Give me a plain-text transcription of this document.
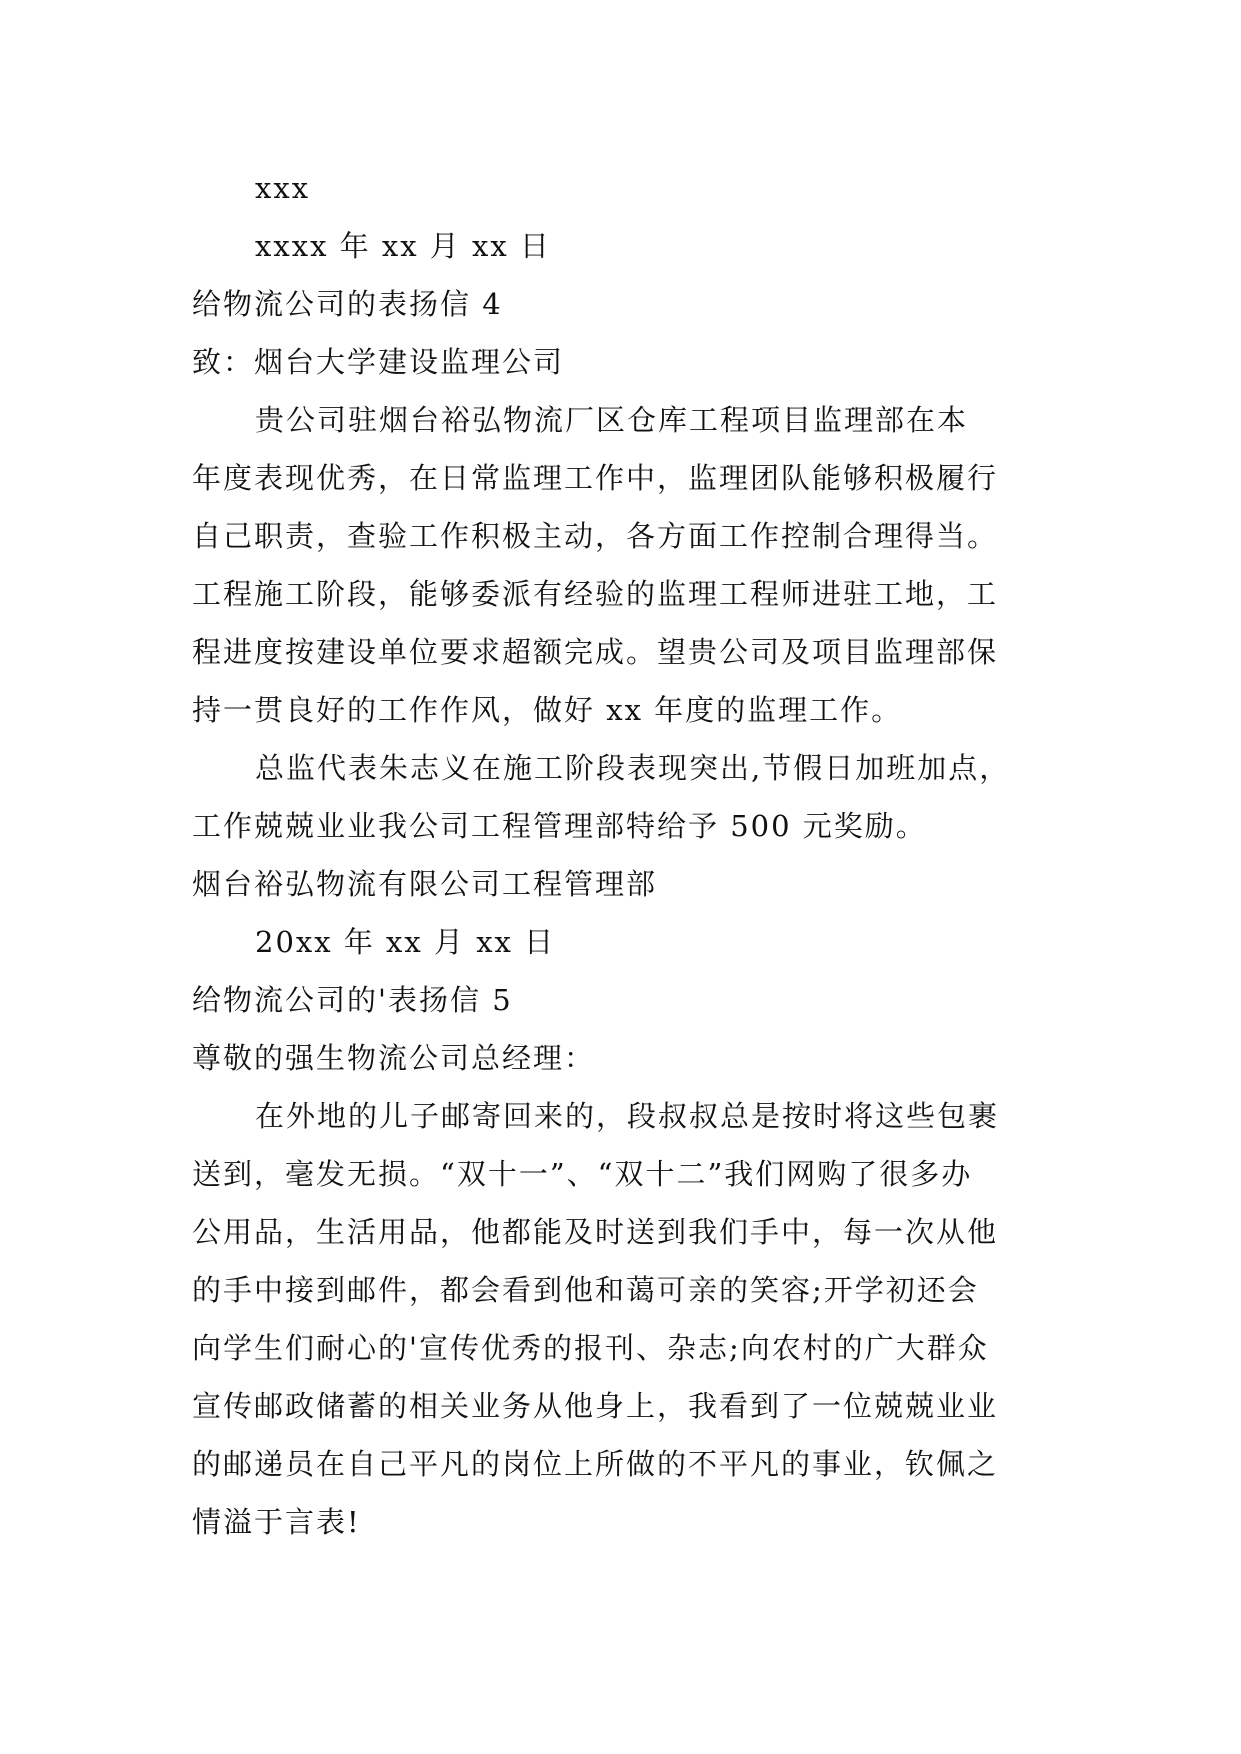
xxx
xxxx 年 xx 月 xx 日
给物流公司的表扬信 4
致：烟台大学建设监理公司
贵公司驻烟台裕弘物流厂区仓库工程项目监理部在本
年度表现优秀，在日常监理工作中，监理团队能够积极履行
自己职责，查验工作积极主动，各方面工作控制合理得当。
工程施工阶段，能够委派有经验的监理工程师进驻工地，工
程进度按建设单位要求超额完成。望贵公司及项目监理部保
持一贯良好的工作作风，做好 xx 年度的监理工作。
总监代表朱志义在施工阶段表现突出,节假日加班加点，
工作兢兢业业我公司工程管理部特给予 500 元奖励。
烟台裕弘物流有限公司工程管理部
20xx 年 xx 月 xx 日
给物流公司的'表扬信 5
尊敬的强生物流公司总经理：
在外地的儿子邮寄回来的，段叔叔总是按时将这些包裹
送到，毫发无损。“双十一”、“双十二”我们网购了很多办
公用品，生活用品，他都能及时送到我们手中，每一次从他
的手中接到邮件，都会看到他和蔼可亲的笑容;开学初还会
向学生们耐心的'宣传优秀的报刊、杂志;向农村的广大群众
宣传邮政储蓄的相关业务从他身上，我看到了一位兢兢业业
的邮递员在自己平凡的岗位上所做的不平凡的事业，钦佩之
情溢于言表!
